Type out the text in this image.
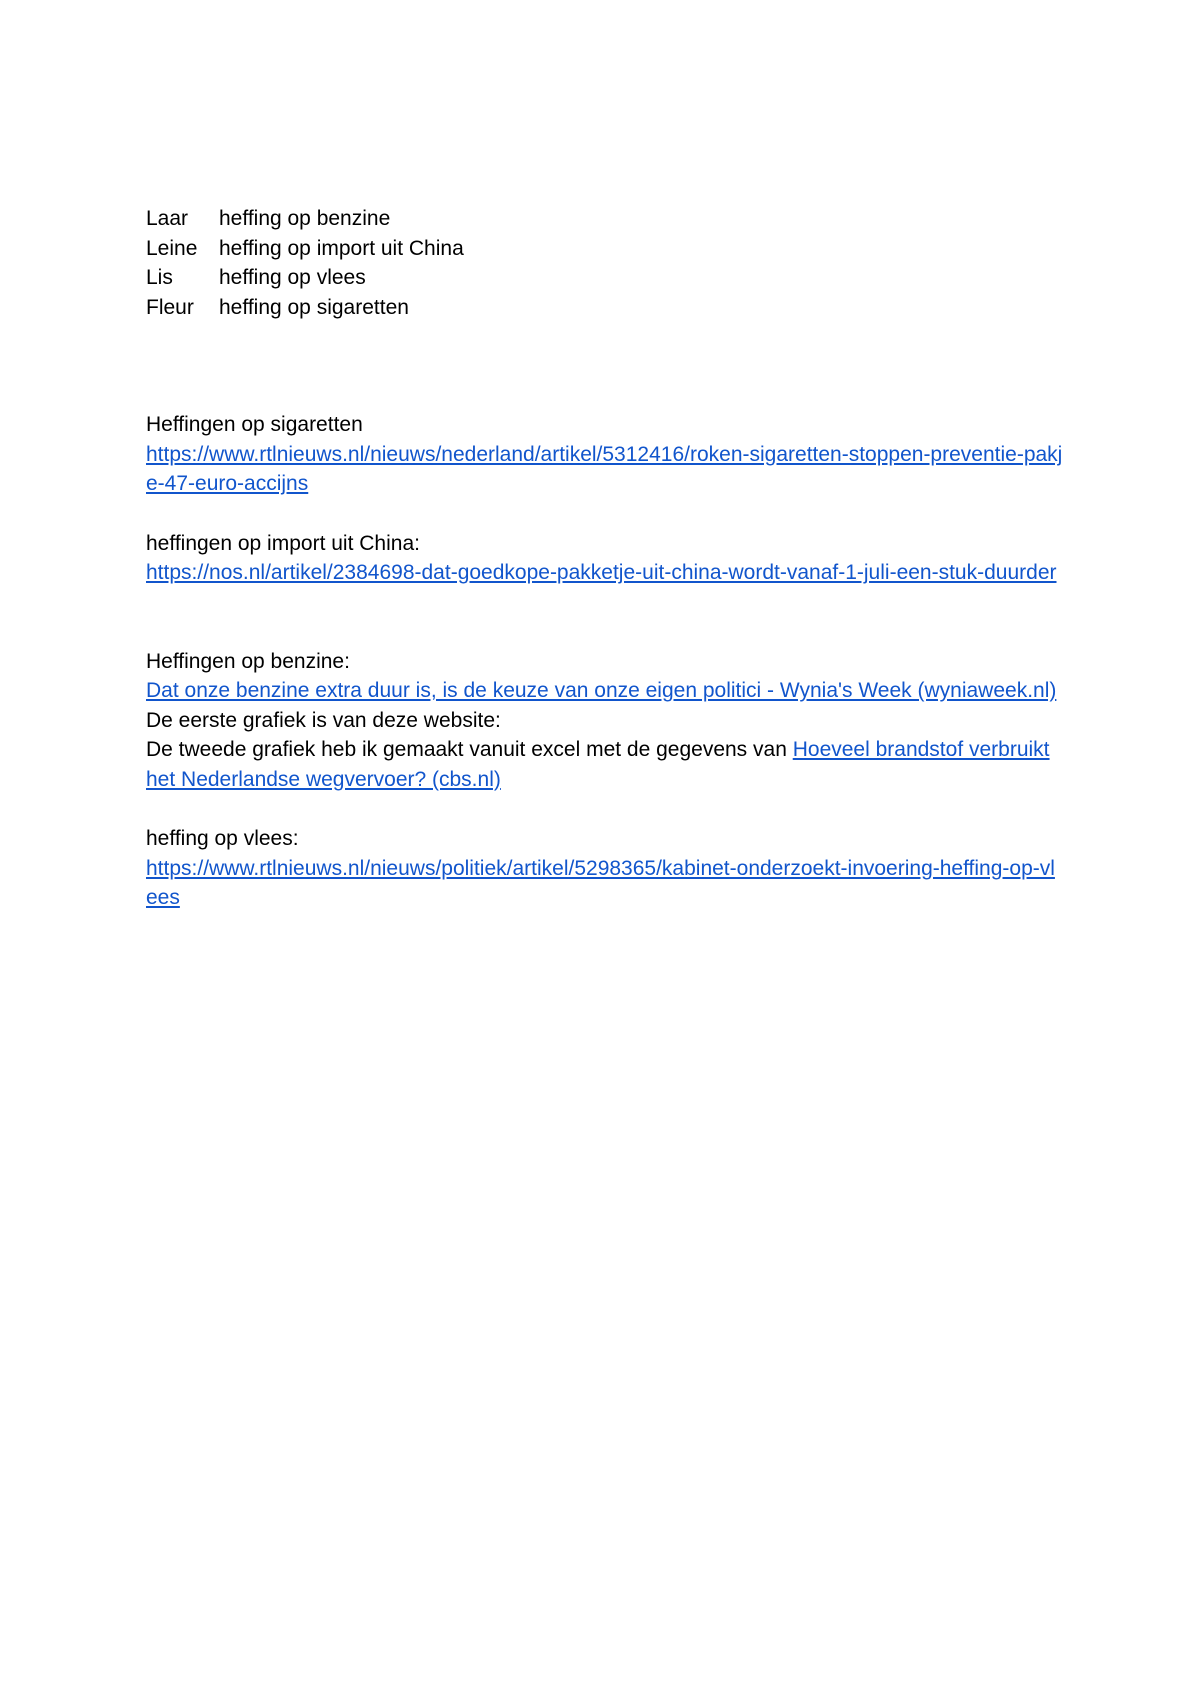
Laar	heffing op benzine
Leine	heffing op import uit China
Lis	heffing op vlees
Fleur	heffing op sigaretten
Heffingen op sigaretten
https://www.rtlnieuws.nl/nieuws/nederland/artikel/5312416/roken-sigaretten-stoppen-preventie-pakje-47-euro-accijns
heffingen op import uit China:
https://nos.nl/artikel/2384698-dat-goedkope-pakketje-uit-china-wordt-vanaf-1-juli-een-stuk-duurder
Heffingen op benzine:
Dat onze benzine extra duur is, is de keuze van onze eigen politici - Wynia's Week (wyniaweek.nl)
De eerste grafiek is van deze website:
De tweede grafiek heb ik gemaakt vanuit excel met de gegevens van Hoeveel brandstof verbruikt het Nederlandse wegvervoer? (cbs.nl)
heffing op vlees:
https://www.rtlnieuws.nl/nieuws/politiek/artikel/5298365/kabinet-onderzoekt-invoering-heffing-op-vlees
